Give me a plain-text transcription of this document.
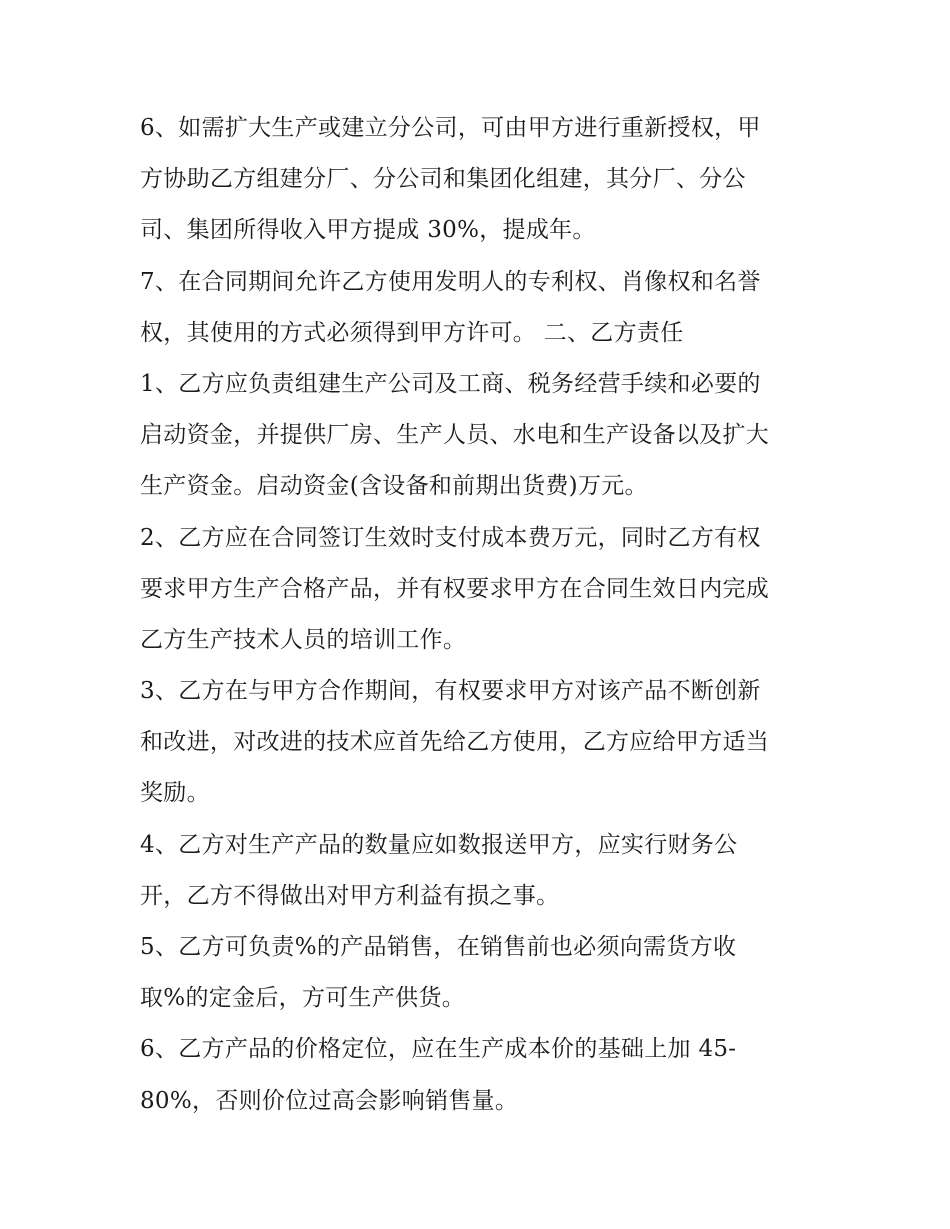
6、如需扩大生产或建立分公司，可由甲方进行重新授权，甲
方协助乙方组建分厂、分公司和集团化组建，其分厂、分公
司、集团所得收入甲方提成 30%，提成年。
7、在合同期间允许乙方使用发明人的专利权、肖像权和名誉
权，其使用的方式必须得到甲方许可。 二、乙方责任
1、乙方应负责组建生产公司及工商、税务经营手续和必要的
启动资金，并提供厂房、生产人员、水电和生产设备以及扩大
生产资金。启动资金(含设备和前期出货费)万元。
2、乙方应在合同签订生效时支付成本费万元，同时乙方有权
要求甲方生产合格产品，并有权要求甲方在合同生效日内完成
乙方生产技术人员的培训工作。
3、乙方在与甲方合作期间，有权要求甲方对该产品不断创新
和改进，对改进的技术应首先给乙方使用，乙方应给甲方适当
奖励。
4、乙方对生产产品的数量应如数报送甲方，应实行财务公
开，乙方不得做出对甲方利益有损之事。
5、乙方可负责%的产品销售，在销售前也必须向需货方收
取%的定金后，方可生产供货。
6、乙方产品的价格定位，应在生产成本价的基础上加 45-
80%，否则价位过高会影响销售量。
